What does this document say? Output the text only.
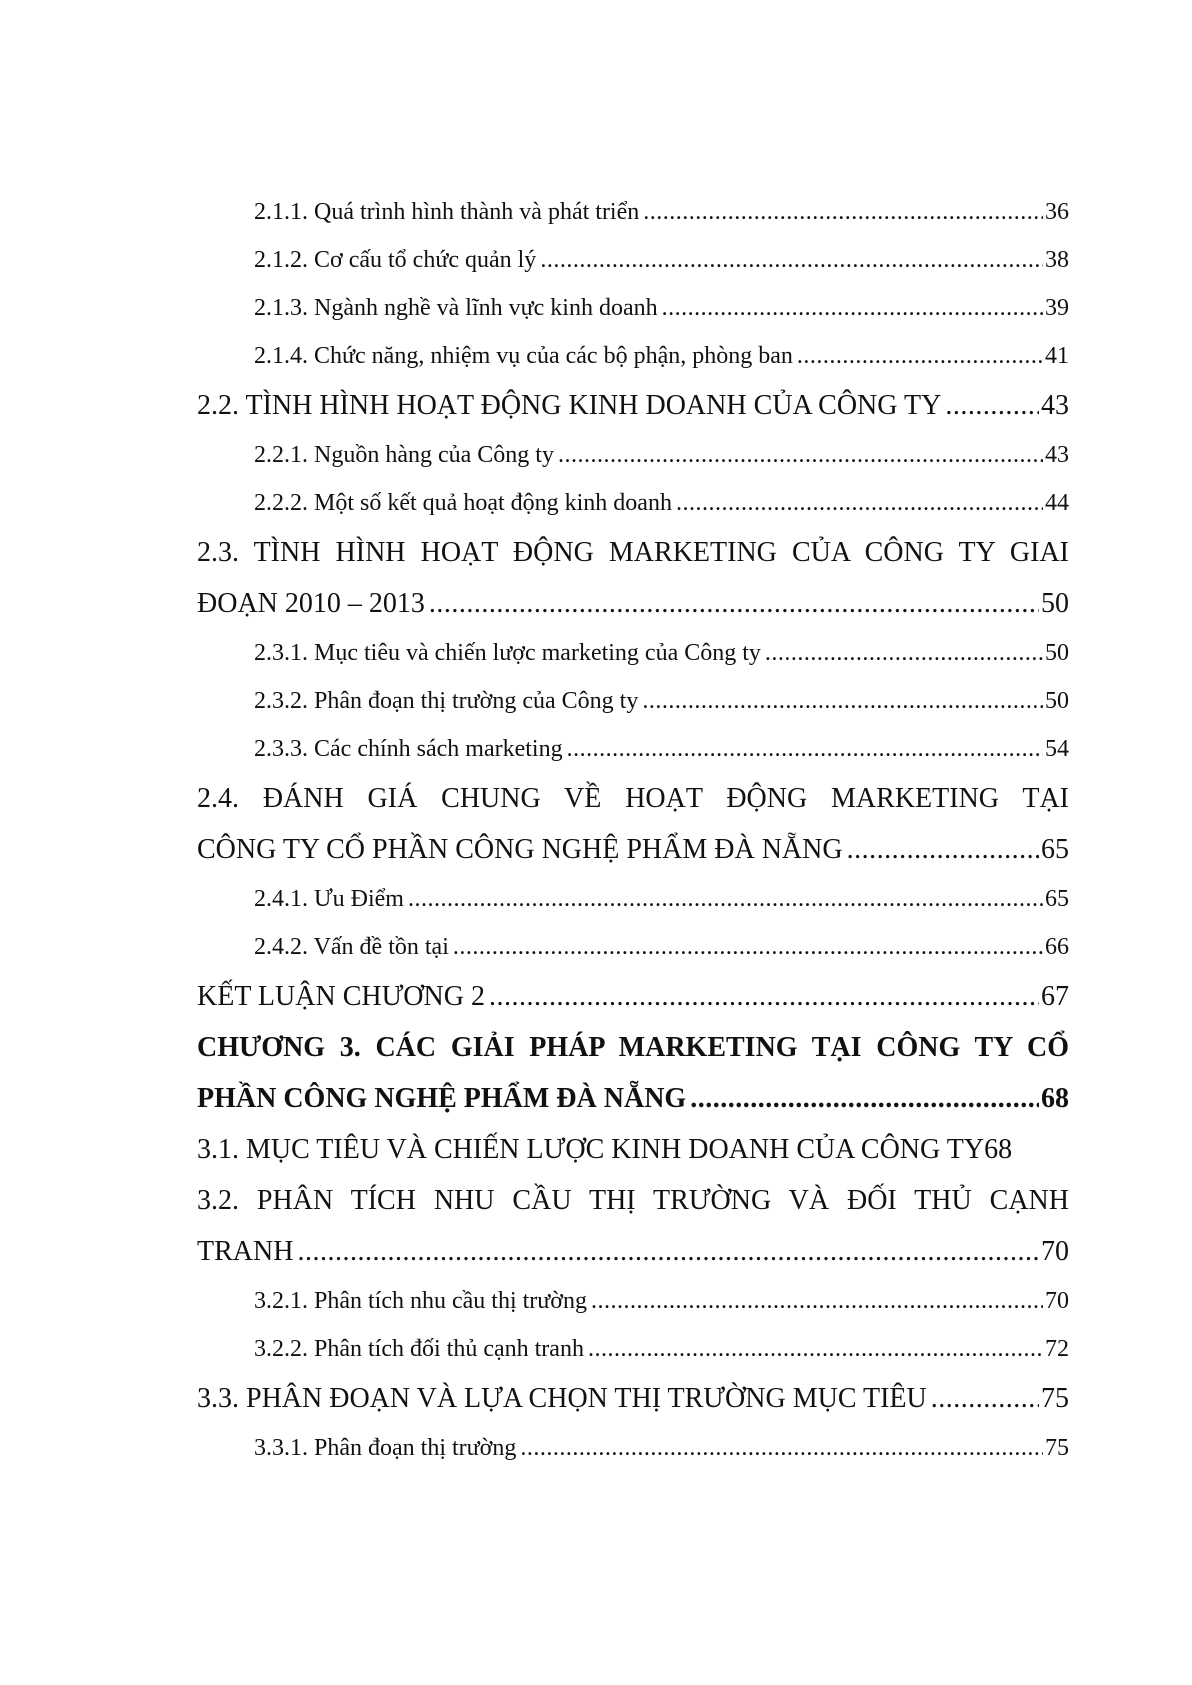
2.1.1. Quá trình hình thành và phát triển .....	36
2.1.2. Cơ cấu tổ chức quản lý .....	38
2.1.3. Ngành nghề và lĩnh vực kinh doanh .....	39
2.1.4. Chức năng, nhiệm vụ của các bộ phận, phòng ban .....	41
2.2. TÌNH HÌNH HOẠT ĐỘNG KINH DOANH CỦA CÔNG TY .....	43
2.2.1. Nguồn hàng của Công ty .....	43
2.2.2. Một số kết quả hoạt động kinh doanh .....	44
2.3. TÌNH HÌNH HOẠT ĐỘNG MARKETING CỦA CÔNG TY GIAI
ĐOẠN 2010 – 2013 .....	50
2.3.1. Mục tiêu và chiến lược marketing của Công ty .....	50
2.3.2. Phân đoạn thị trường của Công ty .....	50
2.3.3. Các chính sách marketing .....	54
2.4. ĐÁNH GIÁ CHUNG VỀ HOẠT ĐỘNG MARKETING TẠI
CÔNG TY CỔ PHẦN CÔNG NGHỆ PHẨM ĐÀ NẴNG .....	65
2.4.1. Ưu Điểm .....	65
2.4.2. Vấn đề tồn tại .....	66
KẾT LUẬN CHƯƠNG 2 .....	67
CHƯƠNG 3. CÁC GIẢI PHÁP MARKETING TẠI CÔNG TY CỔ
PHẦN CÔNG NGHỆ PHẨM ĐÀ NẴNG .....	68
3.1. MỤC TIÊU VÀ CHIẾN LƯỢC KINH DOANH CỦA CÔNG TY 68
3.2. PHÂN TÍCH NHU CẦU THỊ TRƯỜNG VÀ ĐỐI THỦ CẠNH
TRANH .....	70
3.2.1. Phân tích nhu cầu thị trường .....	70
3.2.2. Phân tích đối thủ cạnh tranh .....	72
3.3. PHÂN ĐOẠN VÀ LỰA CHỌN THỊ TRƯỜNG MỤC TIÊU .....	75
3.3.1. Phân đoạn thị trường .....	75
